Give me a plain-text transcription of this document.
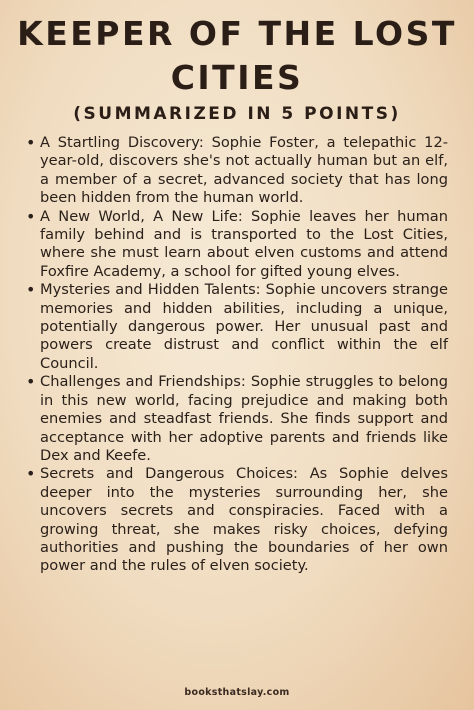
KEEPER OF THE LOST CITIES
(SUMMARIZED IN 5 POINTS)
• A Startling Discovery: Sophie Foster, a telepathic 12-year-old, discovers she's not actually human but an elf, a member of a secret, advanced society that has long been hidden from the human world.
• A New World, A New Life: Sophie leaves her human family behind and is transported to the Lost Cities, where she must learn about elven customs and attend Foxfire Academy, a school for gifted young elves.
• Mysteries and Hidden Talents: Sophie uncovers strange memories and hidden abilities, including a unique, potentially dangerous power. Her unusual past and powers create distrust and conflict within the elf Council.
• Challenges and Friendships: Sophie struggles to belong in this new world, facing prejudice and making both enemies and steadfast friends. She finds support and acceptance with her adoptive parents and friends like Dex and Keefe.
• Secrets and Dangerous Choices: As Sophie delves deeper into the mysteries surrounding her, she uncovers secrets and conspiracies. Faced with a growing threat, she makes risky choices, defying authorities and pushing the boundaries of her own power and the rules of elven society.
booksthatslay.com
